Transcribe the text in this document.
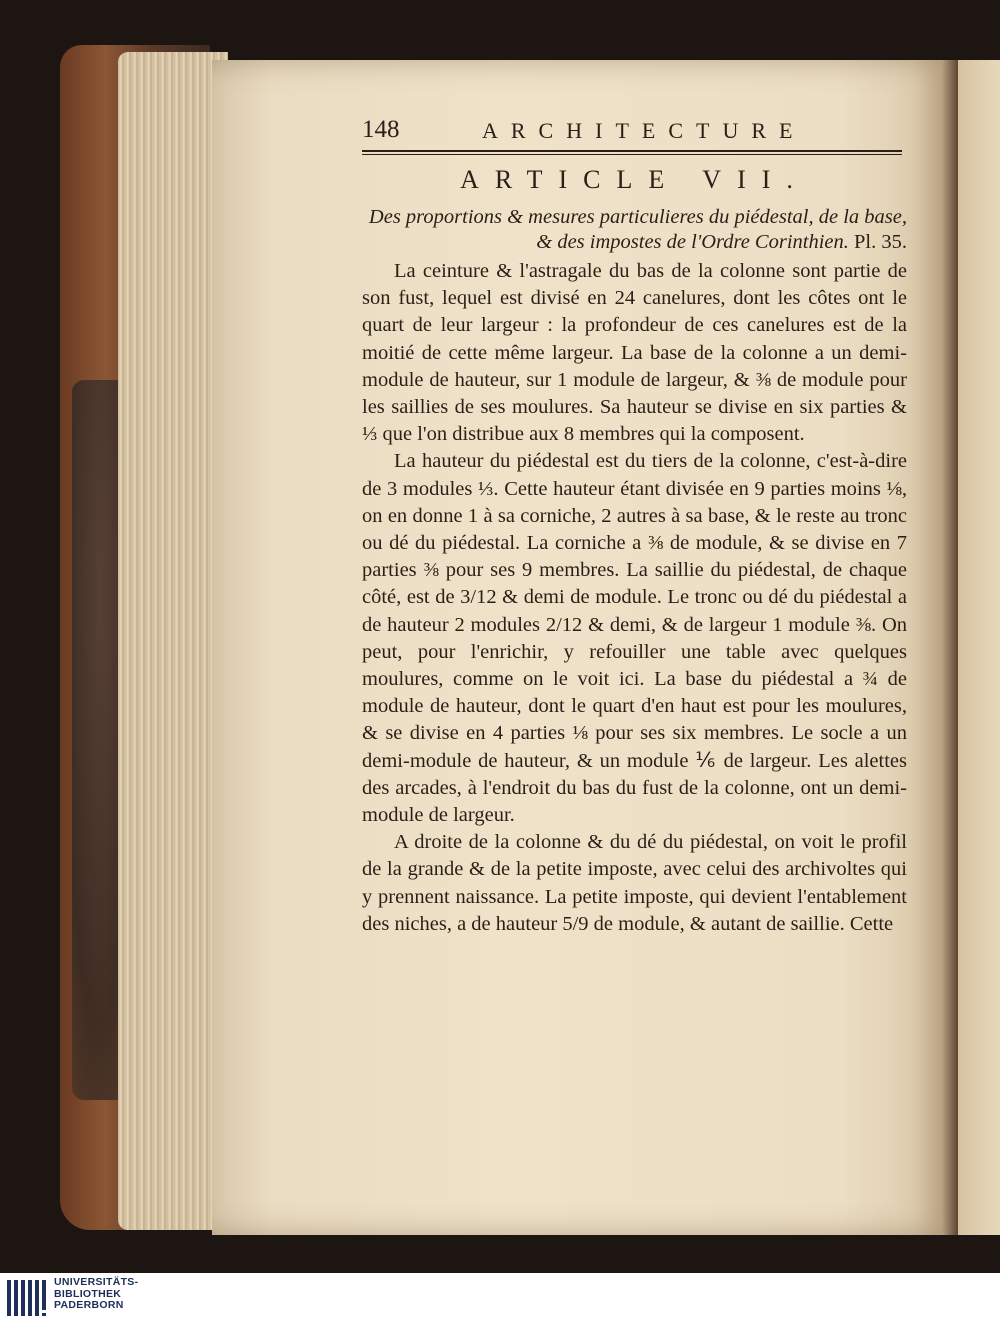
148	ARCHITECTURE
ARTICLE VII.
Des proportions & mesures particulieres du piédestal, de la base, & des impostes de l'Ordre Corinthien. Pl. 35.

La ceinture & l'astragale du bas de la colonne sont partie de son fust, lequel est divisé en 24 canelures, dont les côtes ont le quart de leur largeur : la profondeur de ces canelures est de la moitié de cette même largeur. La base de la colonne a un demi-module de hauteur, sur 1 module de largeur, & ⅜ de module pour les saillies de ses moulures. Sa hauteur se divise en six parties & ⅓ que l'on distribue aux 8 membres qui la composent.

La hauteur du piédestal est du tiers de la colonne, c'est-à-dire de 3 modules ⅓. Cette hauteur étant divisée en 9 parties moins ⅛, on en donne 1 à sa corniche, 2 autres à sa base, & le reste au tronc ou dé du piédestal. La corniche a ⅜ de module, & se divise en 7 parties ⅜ pour ses 9 membres. La saillie du piédestal, de chaque côté, est de 3/12 & demi de module. Le tronc ou dé du piédestal a de hauteur 2 modules 2/12 & demi, & de largeur 1 module ⅜. On peut, pour l'enrichir, y refouiller une table avec quelques moulures, comme on le voit ici. La base du piédestal a ¾ de module de hauteur, dont le quart d'en haut est pour les moulures, & se divise en 4 parties ⅛ pour ses six membres. Le socle a un demi-module de hauteur, & un module ⅙ de largeur. Les alettes des arcades, à l'endroit du bas du fust de la colonne, ont un demi-module de largeur.

A droite de la colonne & du dé du piédestal, on voit le profil de la grande & de la petite imposte, avec celui des archivoltes qui y prennent naissance. La petite imposte, qui devient l'entablement des niches, a de hauteur 5/9 de module, & autant de saillie. Cette

UNIVERSITÄTS-
BIBLIOTHEK
PADERBORN
